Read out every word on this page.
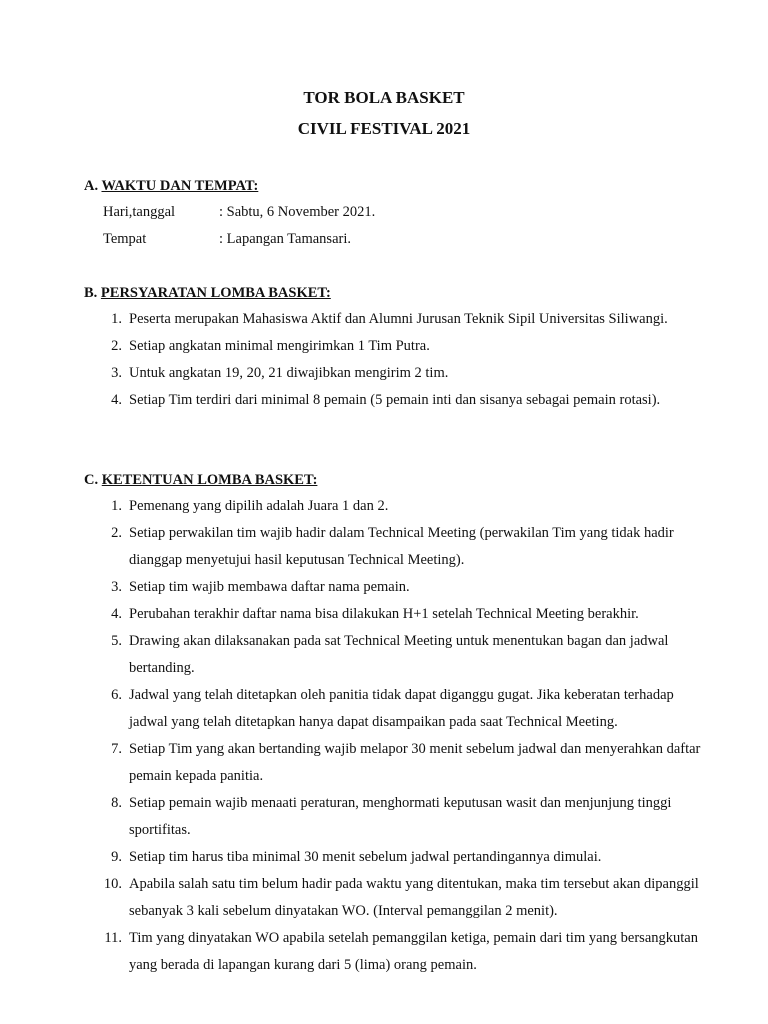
TOR BOLA BASKET
CIVIL FESTIVAL 2021
A. WAKTU DAN TEMPAT:
Hari,tanggal	: Sabtu, 6 November 2021.
Tempat	: Lapangan Tamansari.
B. PERSYARATAN LOMBA BASKET:
1. Peserta merupakan Mahasiswa Aktif dan Alumni Jurusan Teknik Sipil Universitas Siliwangi.
2. Setiap angkatan minimal mengirimkan 1 Tim Putra.
3. Untuk angkatan 19, 20, 21 diwajibkan mengirim 2 tim.
4. Setiap Tim terdiri dari minimal 8 pemain (5 pemain inti dan sisanya sebagai pemain rotasi).
C. KETENTUAN LOMBA BASKET:
1. Pemenang yang dipilih adalah Juara 1 dan 2.
2. Setiap perwakilan tim wajib hadir dalam Technical Meeting (perwakilan Tim yang tidak hadir dianggap menyetujui hasil keputusan Technical Meeting).
3. Setiap tim wajib membawa daftar nama pemain.
4. Perubahan terakhir daftar nama bisa dilakukan H+1 setelah Technical Meeting berakhir.
5. Drawing akan dilaksanakan pada sat Technical Meeting untuk menentukan bagan dan jadwal bertanding.
6. Jadwal yang telah ditetapkan oleh panitia tidak dapat diganggu gugat. Jika keberatan terhadap jadwal yang telah ditetapkan hanya dapat disampaikan pada saat Technical Meeting.
7. Setiap Tim yang akan bertanding wajib melapor 30 menit sebelum jadwal dan menyerahkan daftar pemain kepada panitia.
8. Setiap pemain wajib menaati peraturan, menghormati keputusan wasit dan menjunjung tinggi sportifitas.
9. Setiap tim harus tiba minimal 30 menit sebelum jadwal pertandingannya dimulai.
10. Apabila salah satu tim belum hadir pada waktu yang ditentukan, maka tim tersebut akan dipanggil sebanyak 3 kali sebelum dinyatakan WO. (Interval pemanggilan 2 menit).
11. Tim yang dinyatakan WO apabila setelah pemanggilan ketiga, pemain dari tim yang bersangkutan yang berada di lapangan kurang dari 5 (lima) orang pemain.
